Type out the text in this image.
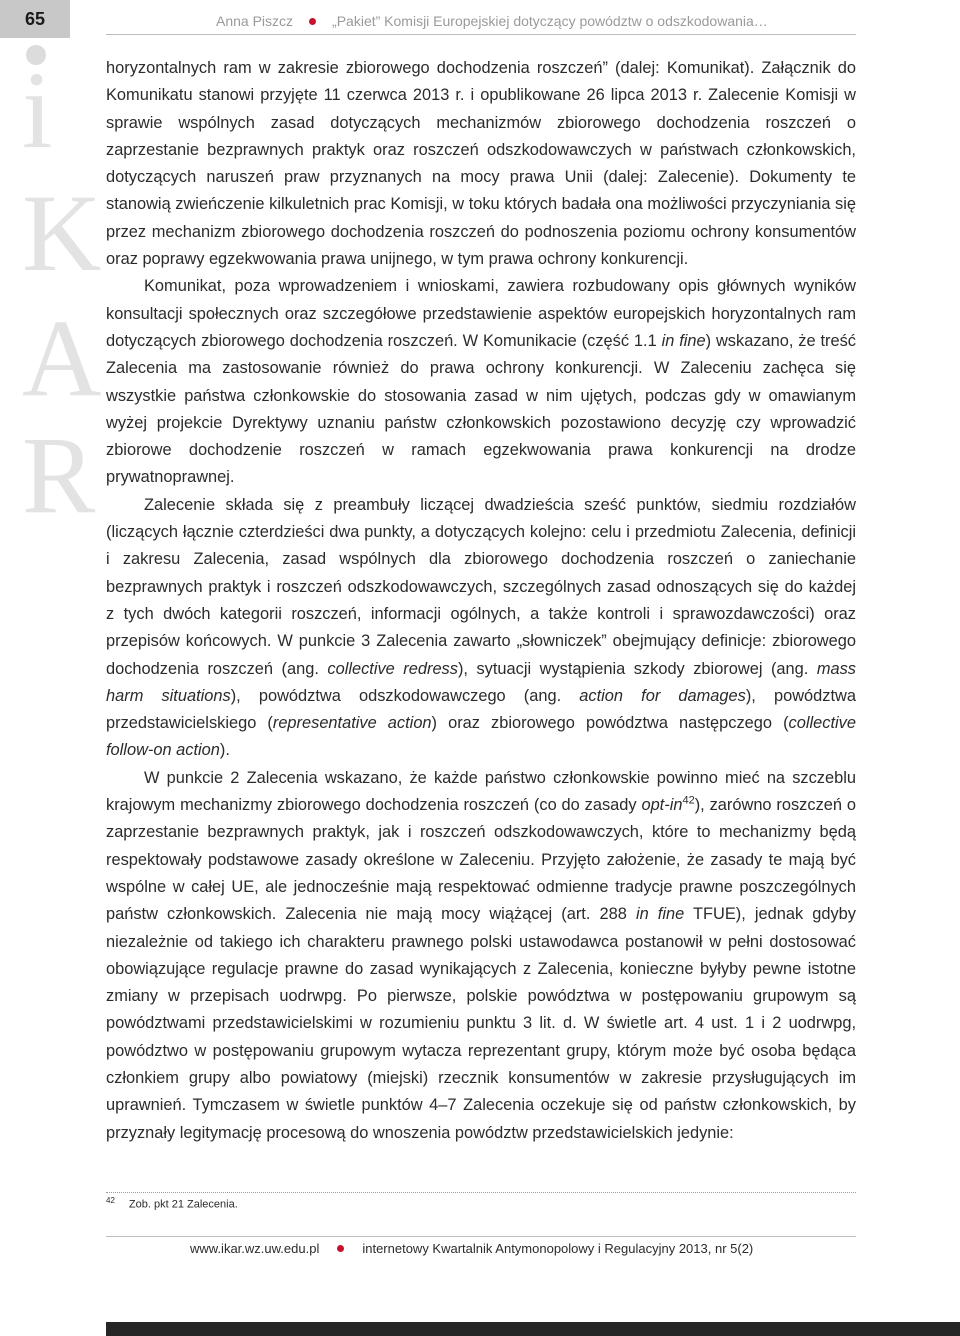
65	Anna Piszcz	„Pakiet” Komisji Europejskiej dotyczący powództw o odszkodowania…
i
K
A
R

horyzontalnych ram w zakresie zbiorowego dochodzenia roszczeń” (dalej: Komunikat). Załącznik do Komunikatu stanowi przyjęte 11 czerwca 2013 r. i opublikowane 26 lipca 2013 r. Zalecenie Komisji w sprawie wspólnych zasad dotyczących mechanizmów zbiorowego dochodzenia roszczeń o zaprzestanie bezprawnych praktyk oraz roszczeń odszkodowawczych w państwach członkowskich, dotyczących naruszeń praw przyznanych na mocy prawa Unii (dalej: Zalecenie). Dokumenty te stanowią zwieńczenie kilkuletnich prac Komisji, w toku których badała ona możliwości przyczyniania się przez mechanizm zbiorowego dochodzenia roszczeń do podnoszenia poziomu ochrony konsumentów oraz poprawy egzekwowania prawa unijnego, w tym prawa ochrony konkurencji.

Komunikat, poza wprowadzeniem i wnioskami, zawiera rozbudowany opis głównych wyników konsultacji społecznych oraz szczegółowe przedstawienie aspektów europejskich horyzontalnych ram dotyczących zbiorowego dochodzenia roszczeń. W Komunikacie (część 1.1 in fine) wskazano, że treść Zalecenia ma zastosowanie również do prawa ochrony konkurencji. W Zaleceniu zachęca się wszystkie państwa członkowskie do stosowania zasad w nim ujętych, podczas gdy w omawianym wyżej projekcie Dyrektywy uznaniu państw członkowskich pozostawiono decyzję czy wprowadzić zbiorowe dochodzenie roszczeń w ramach egzekwowania prawa konkurencji na drodze prywatnoprawnej.

Zalecenie składa się z preambuły liczącej dwadzieścia sześć punktów, siedmiu rozdziałów (liczących łącznie czterdzieści dwa punkty, a dotyczących kolejno: celu i przedmiotu Zalecenia, definicji i zakresu Zalecenia, zasad wspólnych dla zbiorowego dochodzenia roszczeń o zaniechanie bezprawnych praktyk i roszczeń odszkodowawczych, szczególnych zasad odnoszących się do każdej z tych dwóch kategorii roszczeń, informacji ogólnych, a także kontroli i sprawozdawczości) oraz przepisów końcowych. W punkcie 3 Zalecenia zawarto „słowniczek” obejmujący definicje: zbiorowego dochodzenia roszczeń (ang. collective redress), sytuacji wystąpienia szkody zbiorowej (ang. mass harm situations), powództwa odszkodowawczego (ang. action for damages), powództwa przedstawicielskiego (representative action) oraz zbiorowego powództwa następczego (collective follow-on action).

W punkcie 2 Zalecenia wskazano, że każde państwo członkowskie powinno mieć na szczeblu krajowym mechanizmy zbiorowego dochodzenia roszczeń (co do zasady opt-$in^{42}$), zarówno roszczeń o zaprzestanie bezprawnych praktyk, jak i roszczeń odszkodowawczych, które to mechanizmy będą respektowały podstawowe zasady określone w Zaleceniu. Przyjęto założenie, że zasady te mają być wspólne w całej UE, ale jednocześnie mają respektować odmienne tradycje prawne poszczególnych państw członkowskich. Zalecenia nie mają mocy wiążącej (art. 288 in fine TFUE), jednak gdyby niezależnie od takiego ich charakteru prawnego polski ustawodawca postanowił w pełni dostosować obowiązujące regulacje prawne do zasad wynikających z Zalecenia, konieczne byłyby pewne istotne zmiany w przepisach uodrwpg. Po pierwsze, polskie powództwa w postępowaniu grupowym są powództwami przedstawicielskimi w rozumieniu punktu 3 lit. d. W świetle art. 4 ust. 1 i 2 uodrwpg, powództwo w postępowaniu grupowym wytacza reprezentant grupy, którym może być osoba będąca członkiem grupy albo powiatowy (miejski) rzecznik konsumentów w zakresie przysługujących im uprawnień. Tymczasem w świetle punktów 4–7 Zalecenia oczekuje się od państw członkowskich, by przyznały legitymację procesową do wnoszenia powództw przedstawicielskich jedynie:

$^{42}$ Zob. pkt 21 Zalecenia.
www.ikar.wz.uw.edu.pl	internetowy Kwartalnik Antymonopolowy i Regulacyjny 2013, nr 5(2)
